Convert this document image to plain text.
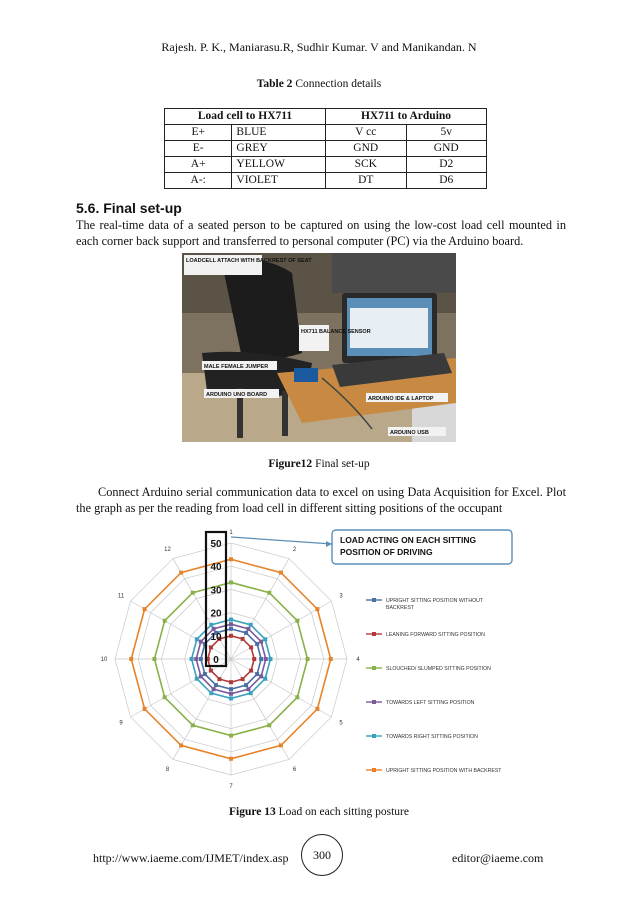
Rajesh. P. K., Maniarasu.R, Sudhir Kumar. V and Manikandan. N
Table 2 Connection details
Load cell to HX711		HX711 to Arduino	
E+	BLUE	V cc	5v
E-	GREY	GND	GND
A+	YELLOW	SCK	D2
A-:	VIOLET	DT	D6
5.6. Final set-up
The real-time data of a seated person to be captured on using the low-cost load cell mounted in each corner back support and transferred to personal computer (PC) via the Arduino board.
LOADCELL ATTACH WITH BACKREST OF SEAT
HX711 BALANCE SENSOR
MALE FEMALE JUMPER
ARDUINO UNO BOARD
ARDUINO IDE & LAPTOP
ARDUINO USB
Figure12 Final set-up
Connect Arduino serial communication data to excel on using Data Acquisition for Excel. Plot the graph as per the reading from load cell in different sitting positions of the occupant
1
2
3
4
5
6
7
8
9
10
11
12
0
10
20
30
40
50	LOAD ACTING ON EACH SITTING
POSITION OF DRIVING
UPRIGHT SITTING POSITION WITHOUT
BACKREST
LEANING FORWARD SITTING POSITION
SLOUCHED/ SLUMPED SITTING POSITION
TOWARDS LEFT SITTING POSITION
TOWARDS RIGHT SITTING POSITION
UPRIGHT SITTING POSITION WITH BACKREST
Figure 13 Load on each sitting posture
http://www.iaeme.com/IJMET/index.asp	300	editor@iaeme.com
